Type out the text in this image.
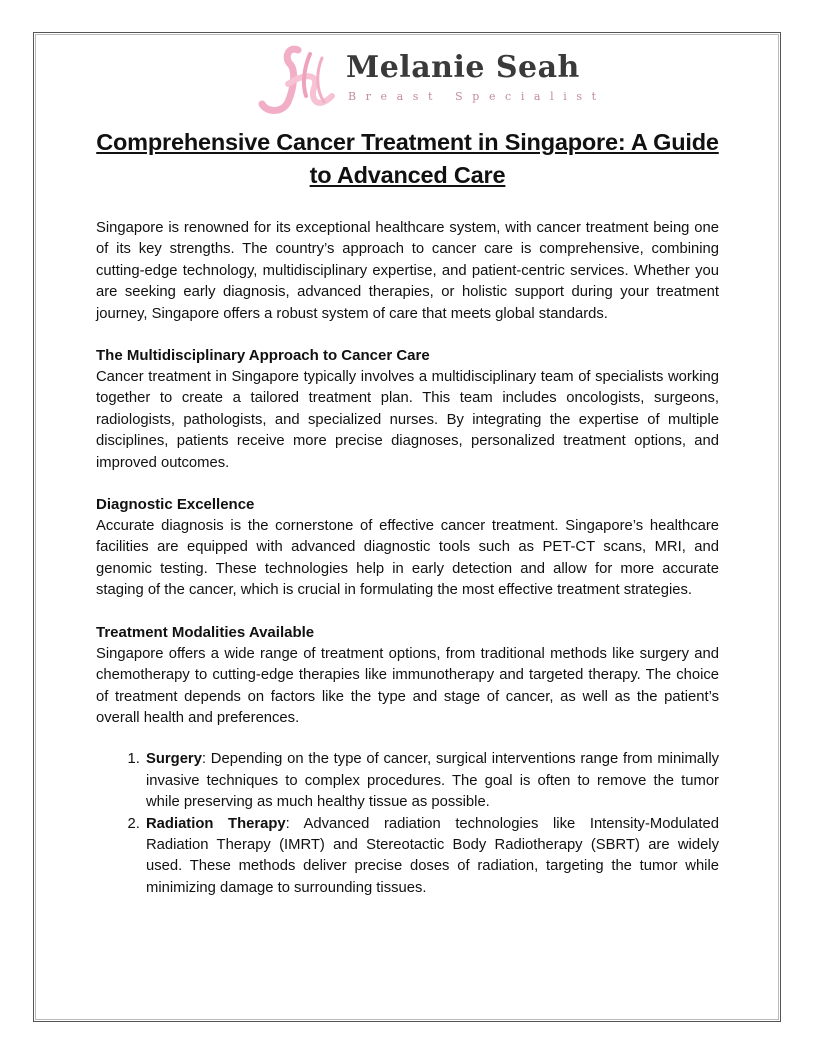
Melanie Seah
Breast Specialist
Comprehensive Cancer Treatment in Singapore: A Guide to Advanced Care

Singapore is renowned for its exceptional healthcare system, with cancer treatment being one of its key strengths. The country’s approach to cancer care is comprehensive, combining cutting-edge technology, multidisciplinary expertise, and patient-centric services. Whether you are seeking early diagnosis, advanced therapies, or holistic support during your treatment journey, Singapore offers a robust system of care that meets global standards.

The Multidisciplinary Approach to Cancer Care

Cancer treatment in Singapore typically involves a multidisciplinary team of specialists working together to create a tailored treatment plan. This team includes oncologists, surgeons, radiologists, pathologists, and specialized nurses. By integrating the expertise of multiple disciplines, patients receive more precise diagnoses, personalized treatment options, and improved outcomes.

Diagnostic Excellence

Accurate diagnosis is the cornerstone of effective cancer treatment. Singapore’s healthcare facilities are equipped with advanced diagnostic tools such as PET-CT scans, MRI, and genomic testing. These technologies help in early detection and allow for more accurate staging of the cancer, which is crucial in formulating the most effective treatment strategies.

Treatment Modalities Available

Singapore offers a wide range of treatment options, from traditional methods like surgery and chemotherapy to cutting-edge therapies like immunotherapy and targeted therapy. The choice of treatment depends on factors like the type and stage of cancer, as well as the patient’s overall health and preferences.

1. Surgery: Depending on the type of cancer, surgical interventions range from minimally invasive techniques to complex procedures. The goal is often to remove the tumor while preserving as much healthy tissue as possible.
2. Radiation Therapy: Advanced radiation technologies like Intensity-Modulated Radiation Therapy (IMRT) and Stereotactic Body Radiotherapy (SBRT) are widely used. These methods deliver precise doses of radiation, targeting the tumor while minimizing damage to surrounding tissues.
